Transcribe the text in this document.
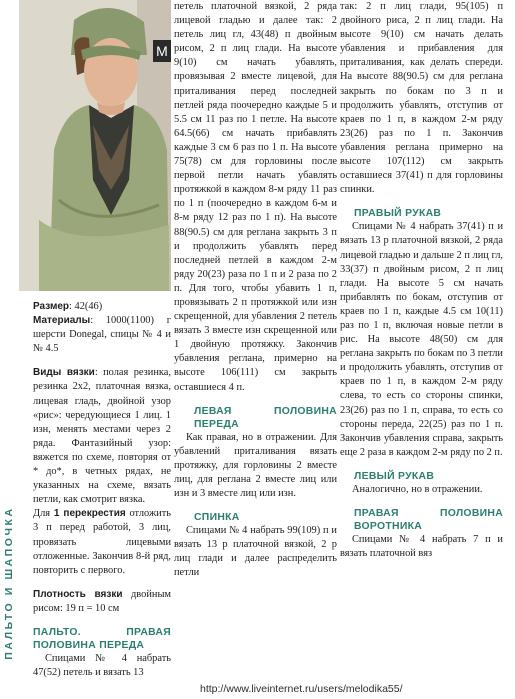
M
ПАЛЬТО И ШАПОЧКА

Размер: 42(46)

Материалы: 1000(1100) г шерсти Donegal, спицы № 4 и № 4.5

Виды вязки: полая резинка, резинка 2х2, платочная вязка, лицевая гладь, двойной узор «рис»: чередующиеся 1 лиц. 1 изн, менять местами через 2 ряда. Фантазийный узор: вяжется по схеме, повторяя от * до*, в четных рядах, не указанных на схеме, вязать петли, как смотрит вязка.

Для 1 перекрестия отложить 3 п перед работой, 3 лиц, провязать лицевыми отложенные. Закончив 8-й ряд, повторить с первого.

Плотность вязки двойным рисом: 19 п = 10 см

ПАЛЬТО. ПРАВАЯ ПОЛОВИНА ПЕРЕДА

Спицами № 4 набрать 47(52) петель и вязать 13

петель платочной вязкой, 2 ряда лицевой гладью и далее так: 2 петель лиц гл, 43(48) п двойным рисом, 2 п лиц глади. На высоте 9(10) см начать убавлять, провязывая 2 вместе лицевой, для приталивания перед последней петлей ряда поочередно каждые 5 и 5.5 см 11 раз по 1 петле. На высоте 64.5(66) см начать прибавлять каждые 3 см 6 раз по 1 п. На высоте 75(78) см для горловины после первой петли начать убавлять протяжкой в каждом 8-м ряду 11 раз по 1 п (поочередно в каждом 6-м и 8-м ряду 12 раз по 1 п). На высоте 88(90.5) см для реглана закрыть 3 п и продолжить убавлять перед последней петлей в каждом 2-м ряду 20(23) раза по 1 п и 2 раза по 2 п. Для того, чтобы убавить 1 п, провязывать 2 п протяжкой или изн скрещенной, для убавления 2 петель вязать 3 вместе изн скрещенной или 1 двойную протяжку. Закончив убавления реглана, примерно на высоте 106(111) см закрыть оставшиеся 4 п.

ЛЕВАЯ ПОЛОВИНА ПЕРЕДА

Как правая, но в отражении. Для убавлений приталивания вязать протяжку, для горловины 2 вместе лиц, для реглана 2 вместе лиц или изн и 3 вместе лиц или изн.

СПИНКА

Спицами № 4 набрать 99(109) п и вязать 13 р платочной вязкой, 2 р лиц глади и далее распределить петли

так: 2 п лиц глади, 95(105) п двойного риса, 2 п лиц глади. На высоте 9(10) см начать делать убавления и прибавления для приталивания, как делать спереди. На высоте 88(90.5) см для реглана закрыть по бокам по 3 п и продолжить убавлять, отступив от краев по 1 п, в каждом 2-м ряду 23(26) раз по 1 п. Закончив убавления реглана примерно на высоте 107(112) см закрыть оставшиеся 37(41) п для горловины спинки.

ПРАВЫЙ РУКАВ

Спицами № 4 набрать 37(41) п и вязать 13 р платочной вязкой, 2 ряда лицевой гладью и дальше 2 п лиц гл, 33(37) п двойным рисом, 2 п лиц глади. На высоте 5 см начать прибавлять по бокам, отступив от краев по 1 п, каждые 4.5 см 10(11) раз по 1 п, включая новые петли в рис. На высоте 48(50) см для реглана закрыть по бокам по 3 петли и продолжить убавлять, отступив от краев по 1 п, в каждом 2-м ряду слева, то есть со стороны спинки, 23(26) раз по 1 п, справа, то есть со стороны переда, 22(25) раз по 1 п. Закончив убавления справа, закрыть еще 2 раза в каждом 2-м ряду по 2 п.

ЛЕВЫЙ РУКАВ

Аналогично, но в отражении.

ПРАВАЯ ПОЛОВИНА ВОРОТНИКА

Спицами № 4 набрать 7 п и вязать платочной вяз

http://www.liveinternet.ru/users/melodika55/
